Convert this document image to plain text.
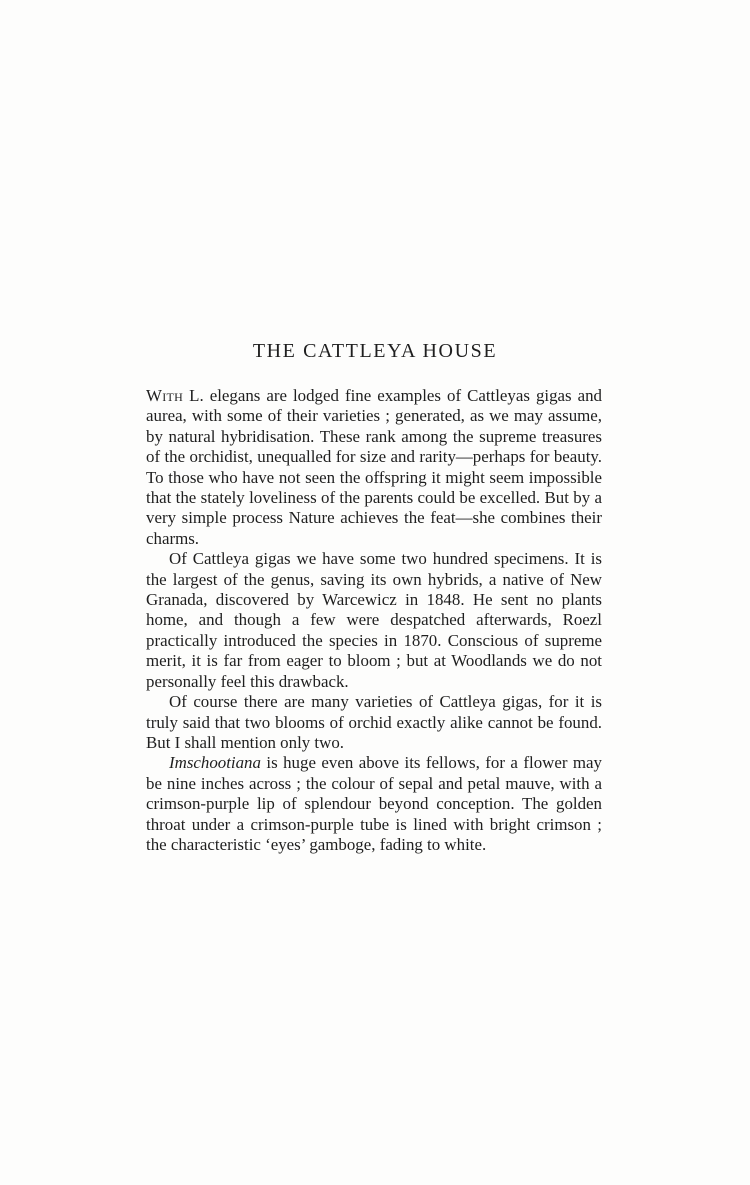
THE CATTLEYA HOUSE

With L. elegans are lodged fine examples of Cattleyas gigas and aurea, with some of their varieties ; generated, as we may assume, by natural hybridisation. These rank among the supreme treasures of the orchidist, unequalled for size and rarity—perhaps for beauty. To those who have not seen the offspring it might seem impossible that the stately loveliness of the parents could be excelled. But by a very simple process Nature achieves the feat—she combines their charms.

Of Cattleya gigas we have some two hundred specimens. It is the largest of the genus, saving its own hybrids, a native of New Granada, discovered by Warcewicz in 1848. He sent no plants home, and though a few were despatched afterwards, Roezl practically introduced the species in 1870. Conscious of supreme merit, it is far from eager to bloom ; but at Woodlands we do not personally feel this drawback.

Of course there are many varieties of Cattleya gigas, for it is truly said that two blooms of orchid exactly alike cannot be found. But I shall mention only two.

Imschootiana is huge even above its fellows, for a flower may be nine inches across ; the colour of sepal and petal mauve, with a crimson-purple lip of splendour beyond conception. The golden throat under a crimson-purple tube is lined with bright crimson ; the characteristic ‘eyes’ gamboge, fading to white.
